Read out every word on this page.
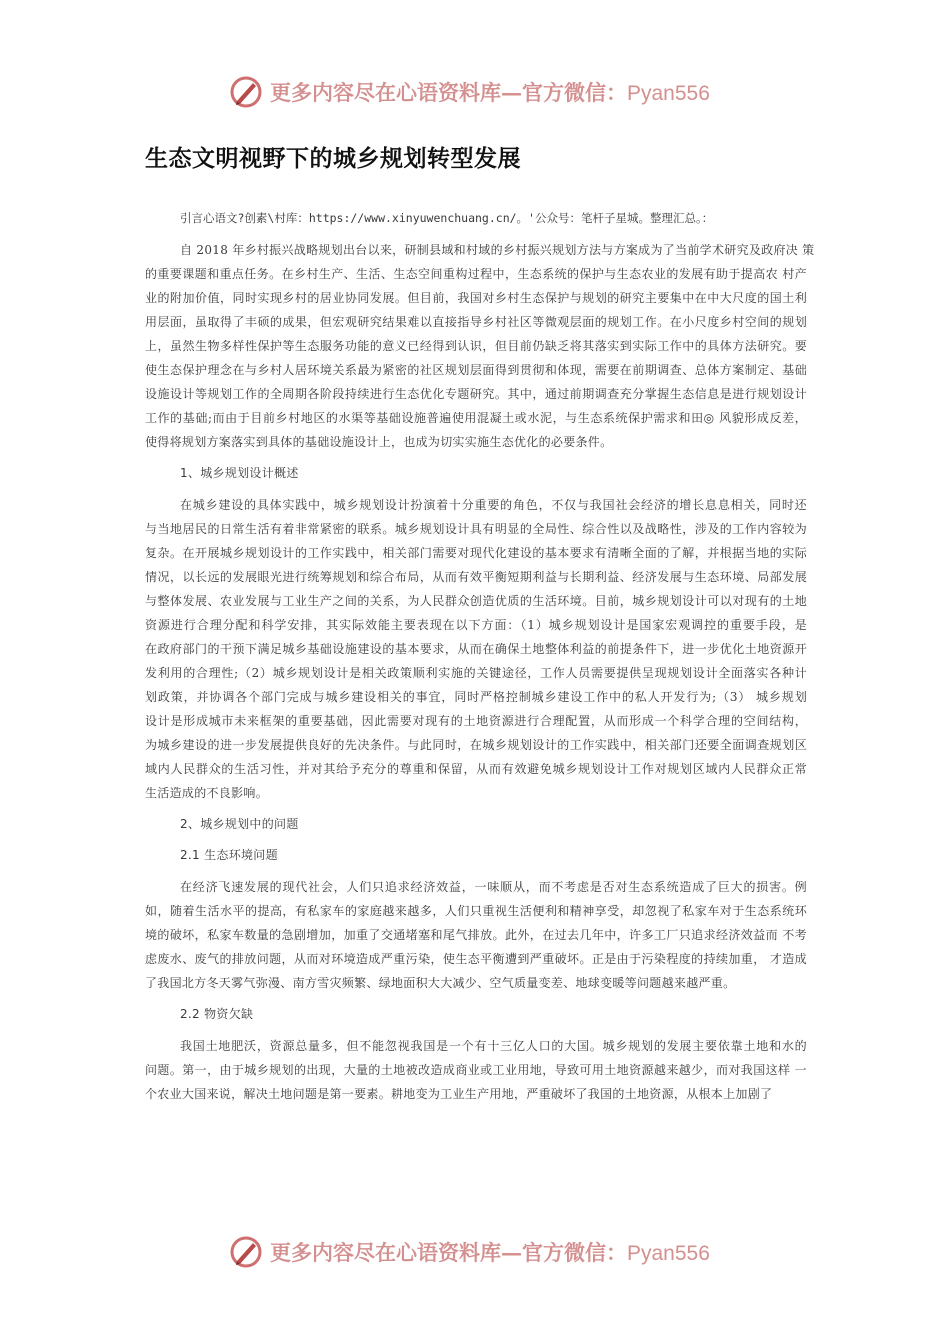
更多内容尽在心语资料库—官方微信：Pyan556
生态文明视野下的城乡规划转型发展
引言心语文?创素\村库：https://www.xinyuwenchuang.cn/。'公众号：笔杆子星城。整理汇总。：
自 2018 年乡村振兴战略规划出台以来，研制县域和村域的乡村振兴规划方法与方案成为了当前学术研究及政府决 策
的重要课题和重点任务。在乡村生产、生活、生态空间重构过程中，生态系统的保护与生态农业的发展有助于提高农 村产
业的附加价值，同时实现乡村的居业协同发展。但目前，我国对乡村生态保护与规划的研究主要集中在中大尺度的国土利
用层面，虽取得了丰硕的成果，但宏观研究结果难以直接指导乡村社区等微观层面的规划工作。在小尺度乡村空间的规划
上，虽然生物多样性保护等生态服务功能的意义已经得到认识，但目前仍缺乏将其落实到实际工作中的具体方法研究。要
使生态保护理念在与乡村人居环境关系最为紧密的社区规划层面得到贯彻和体现，需要在前期调查、总体方案制定、基础
设施设计等规划工作的全周期各阶段持续进行生态优化专题研究。其中，通过前期调查充分掌握生态信息是进行规划设计
工作的基础;而由于目前乡村地区的水渠等基础设施普遍使用混凝土或水泥，与生态系统保护需求和田◎ 风貌形成反差，
使得将规划方案落实到具体的基础设施设计上，也成为切实实施生态优化的必要条件。
1、城乡规划设计概述
在城乡建设的具体实践中，城乡规划设计扮演着十分重要的角色，不仅与我国社会经济的增长息息相关，同时还
与当地居民的日常生活有着非常紧密的联系。城乡规划设计具有明显的全局性、综合性以及战略性，涉及的工作内容较为
复杂。在开展城乡规划设计的工作实践中，相关部门需要对现代化建设的基本要求有清晰全面的了解，并根据当地的实际
情况，以长远的发展眼光进行统筹规划和综合布局，从而有效平衡短期利益与长期利益、经济发展与生态环境、局部发展
与整体发展、农业发展与工业生产之间的关系，为人民群众创造优质的生活环境。目前，城乡规划设计可以对现有的土地
资源进行合理分配和科学安排，其实际效能主要表现在以下方面：（1）城乡规划设计是国家宏观调控的重要手段，是
在政府部门的干预下满足城乡基础设施建设的基本要求，从而在确保土地整体利益的前提条件下，进一步优化土地资源开
发利用的合理性;（2）城乡规划设计是相关政策顺利实施的关键途径，工作人员需要提供呈现规划设计全面落实各种计
划政策，并协调各个部门完成与城乡建设相关的事宜，同时严格控制城乡建设工作中的私人开发行为;（3） 城乡规划
设计是形成城市未来框架的重要基础，因此需要对现有的土地资源进行合理配置，从而形成一个科学合理的空间结构，
为城乡建设的进一步发展提供良好的先决条件。与此同时，在城乡规划设计的工作实践中，相关部门还要全面调查规划区
域内人民群众的生活习性，并对其给予充分的尊重和保留，从而有效避免城乡规划设计工作对规划区域内人民群众正常
生活造成的不良影响。
2、城乡规划中的问题
2.1 生态环境问题
在经济飞速发展的现代社会，人们只追求经济效益，一味顺从，而不考虑是否对生态系统造成了巨大的损害。例
如，随着生活水平的提高，有私家车的家庭越来越多，人们只重视生活便利和精神享受，却忽视了私家车对于生态系统环
境的破坏，私家车数量的急剧增加，加重了交通堵塞和尾气排放。此外，在过去几年中，许多工厂只追求经济效益而 不考
虑废水、废气的排放问题，从而对环境造成严重污染，使生态平衡遭到严重破坏。正是由于污染程度的持续加重， 才造成
了我国北方冬天雾气弥漫、南方雪灾频繁、绿地面积大大减少、空气质量变差、地球变暖等问题越来越严重。
2.2 物资欠缺
我国土地肥沃，资源总量多，但不能忽视我国是一个有十三亿人口的大国。城乡规划的发展主要依靠土地和水的
问题。第一，由于城乡规划的出现，大量的土地被改造成商业或工业用地，导致可用土地资源越来越少，而对我国这样 一
个农业大国来说，解决土地问题是第一要素。耕地变为工业生产用地，严重破坏了我国的土地资源，从根本上加剧了
更多内容尽在心语资料库—官方微信：Pyan556
